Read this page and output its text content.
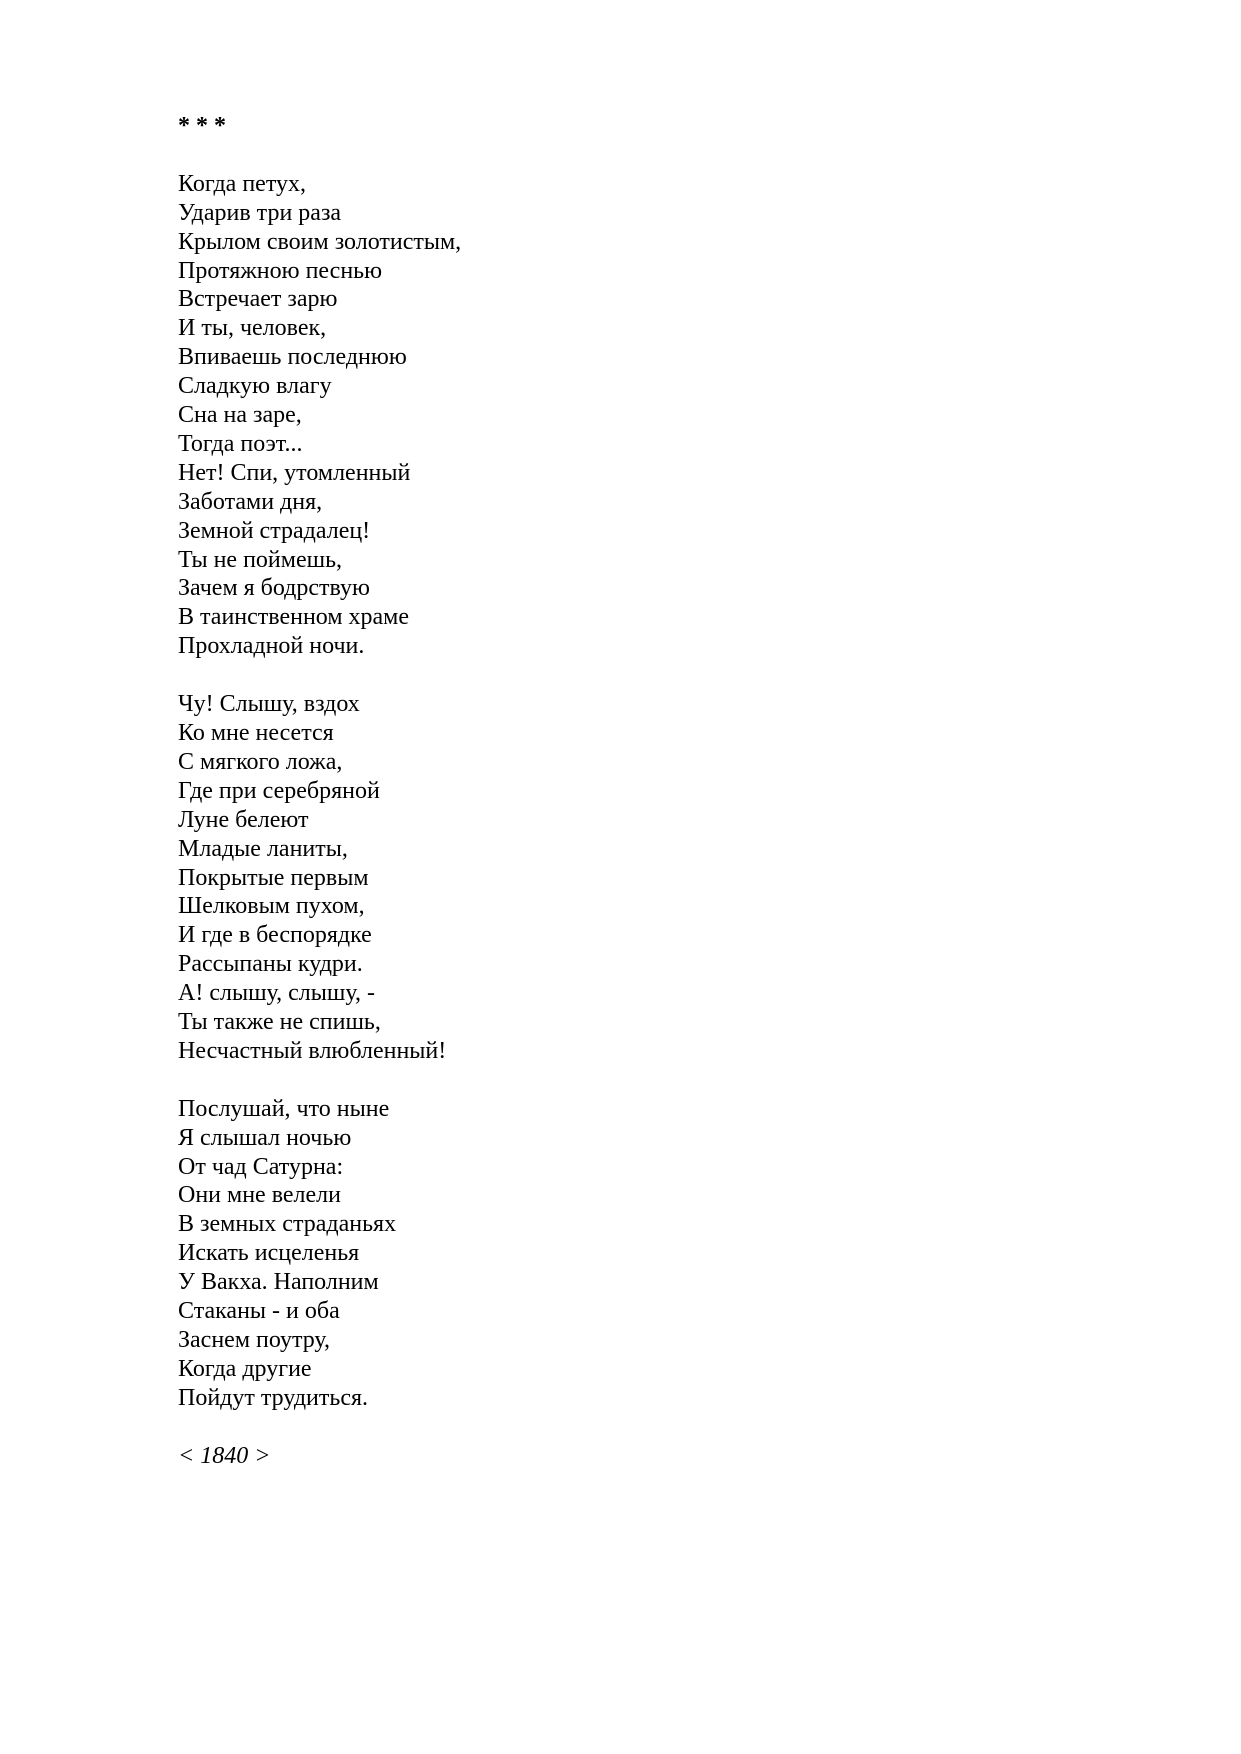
* * *
Когда петух,
Ударив три раза
Крылом своим золотистым,
Протяжною песнью
Встречает зарю
И ты, человек,
Впиваешь последнюю
Сладкую влагу
Сна на заре,
Тогда поэт...
Нет! Спи, утомленный
Заботами дня,
Земной страдалец!
Ты не поймешь,
Зачем я бодрствую
В таинственном храме
Прохладной ночи.
Чу! Слышу, вздох
Ко мне несется
С мягкого ложа,
Где при серебряной
Луне белеют
Младые ланиты,
Покрытые первым
Шелковым пухом,
И где в беспорядке
Рассыпаны кудри.
А! слышу, слышу, -
Ты также не спишь,
Несчастный влюбленный!
Послушай, что ныне
Я слышал ночью
От чад Сатурна:
Они мне велели
В земных страданьях
Искать исцеленья
У Вакха. Наполним
Стаканы - и оба
Заснем поутру,
Когда другие
Пойдут трудиться.
< 1840 >
